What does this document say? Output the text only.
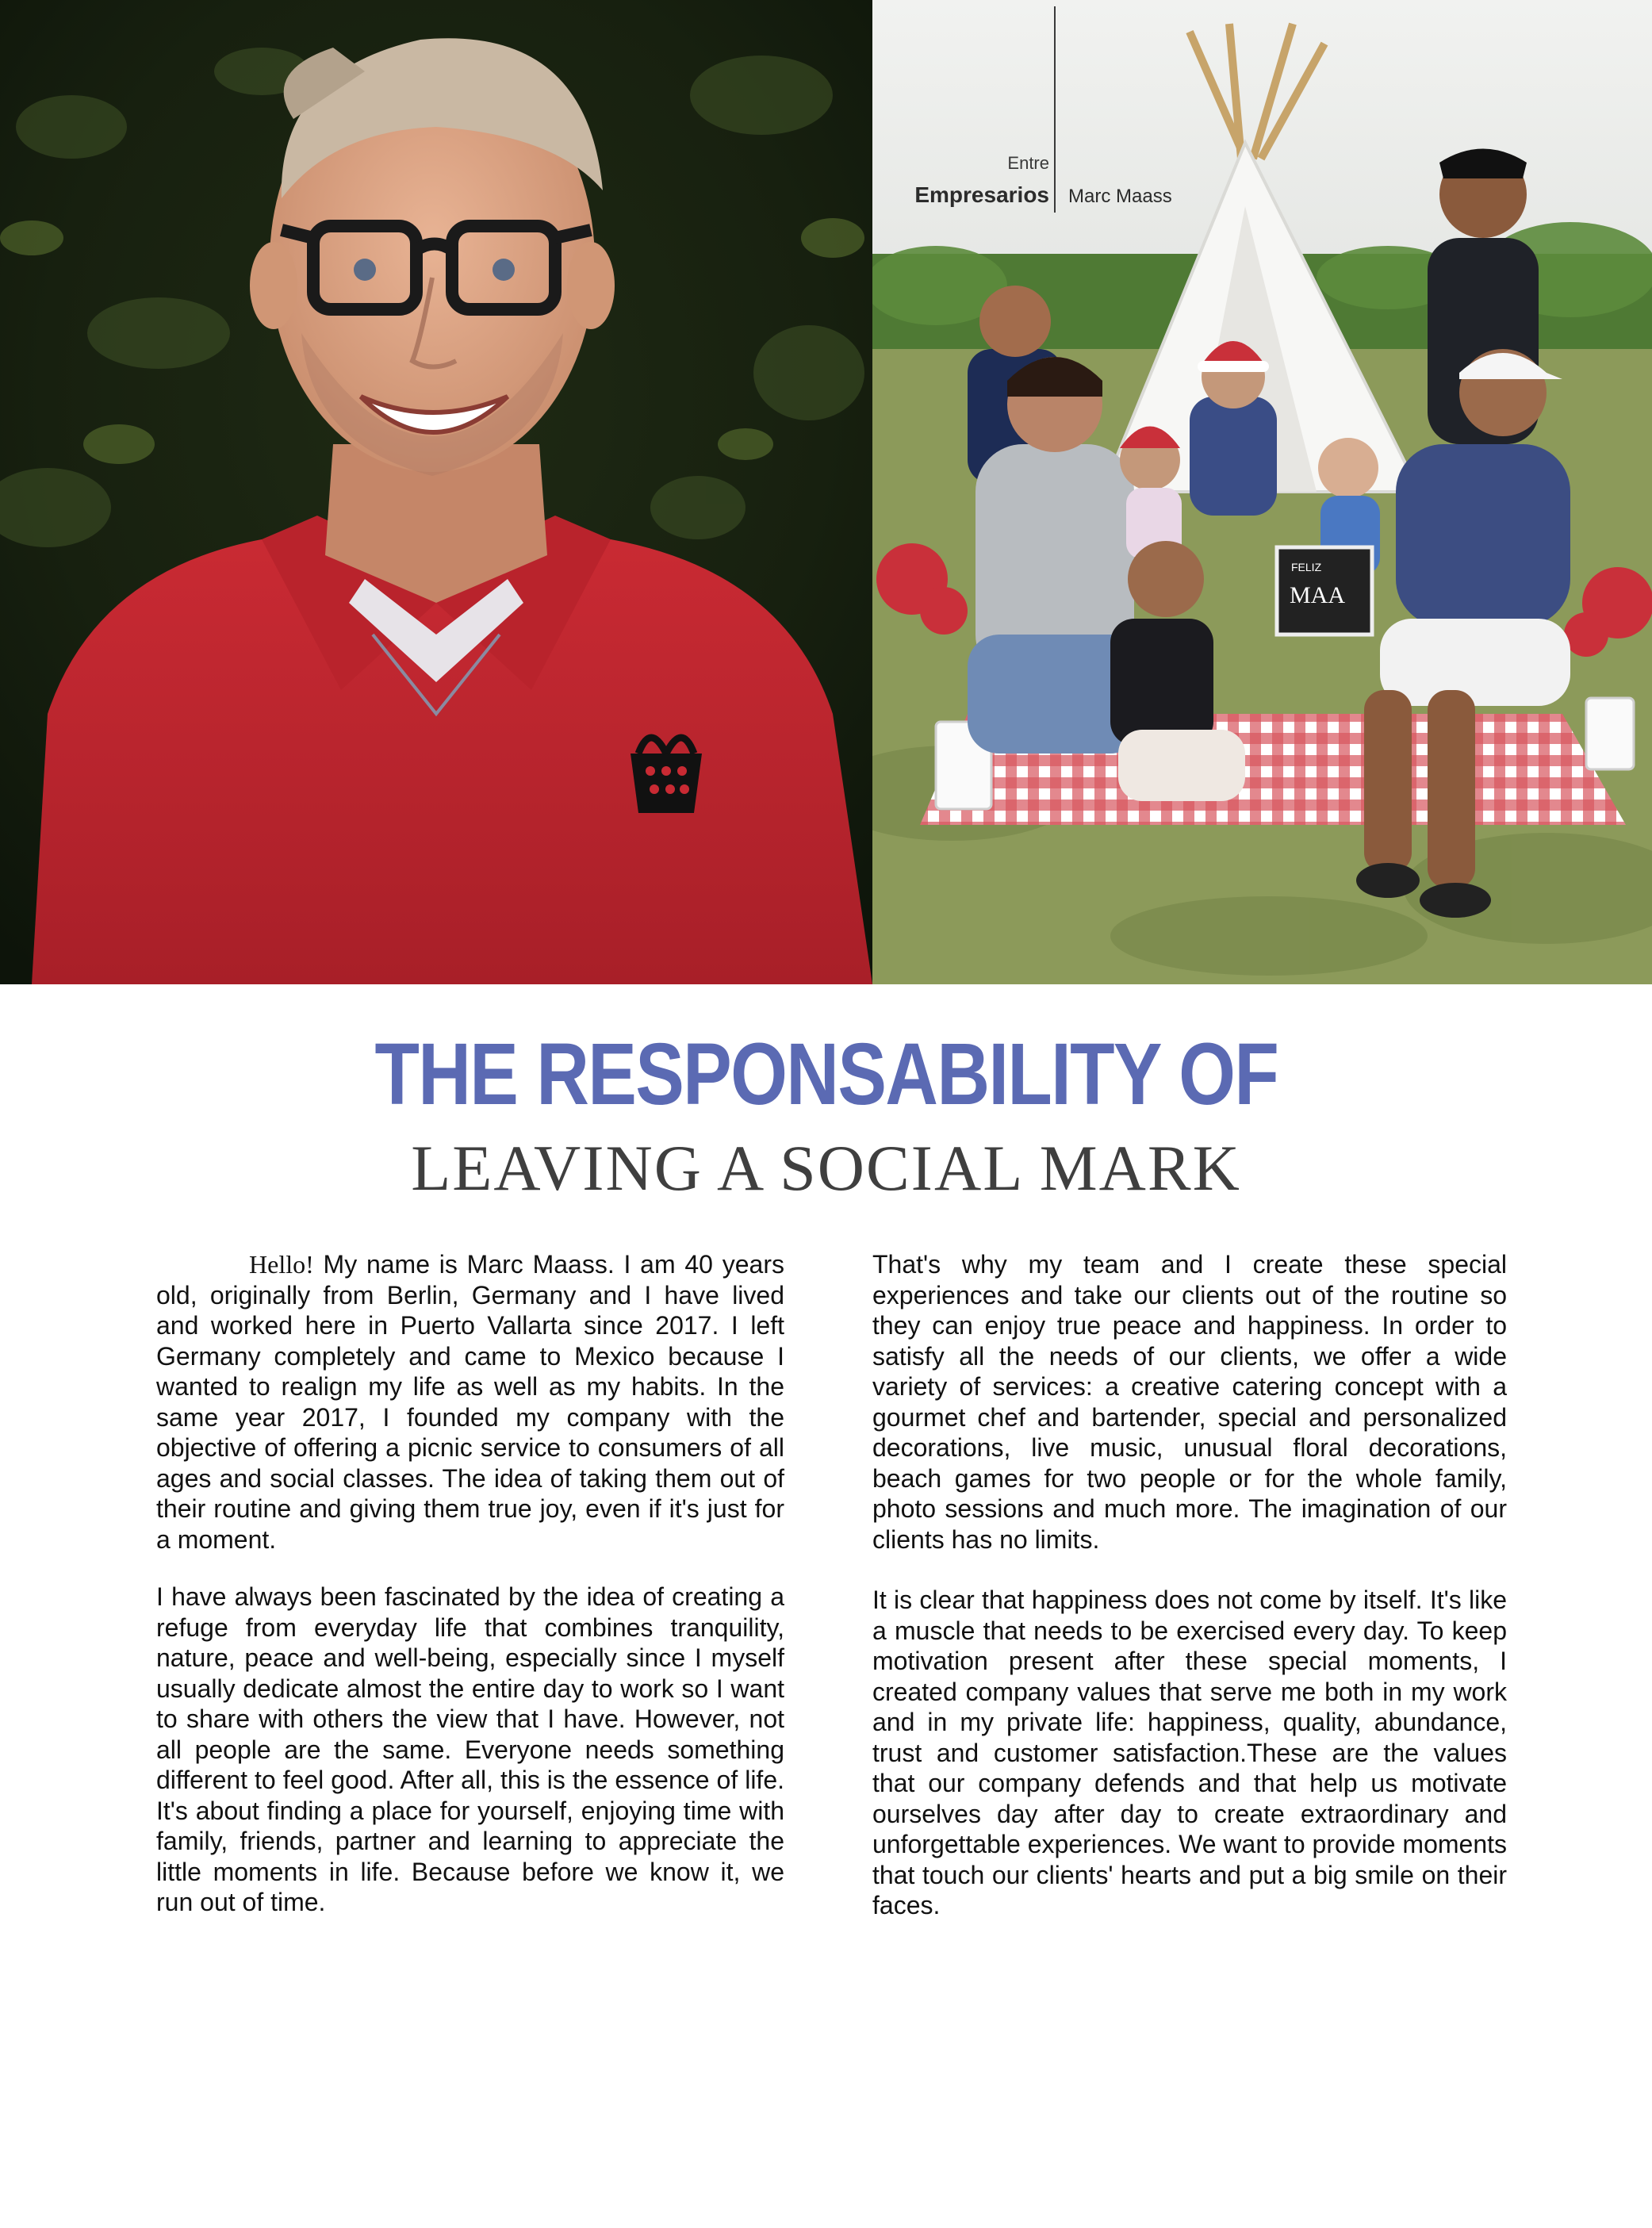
FELIZ
MAA
Entre
Empresarios Marc Maass
THE RESPONSABILITY OF
LEAVING A SOCIAL MARK

Hello! My name is Marc Maass. I am 40 years old, originally from Berlin, Germany and I have lived and worked here in Puerto Vallarta since 2017. I left Germany completely and came to Mexico because I wanted to realign my life as well as my habits. In the same year 2017, I founded my company with the objective of offering a picnic service to consumers of all ages and social classes. The idea of taking them out of their routine and giving them true joy, even if it's just for a moment.

I have always been fascinated by the idea of creating a refuge from everyday life that combines tranquility, nature, peace and well-being, especially since I myself usually dedicate almost the entire day to work so I want to share with others the view that I have. However, not all people are the same. Everyone needs something different to feel good. After all, this is the essence of life. It's about finding a place for yourself, enjoying time with family, friends, partner and learning to appreciate the little moments in life. Because before we know it, we run out of time.

That's why my team and I create these special experiences and take our clients out of the routine so they can enjoy true peace and happiness. In order to satisfy all the needs of our clients, we offer a wide variety of services: a creative catering concept with a gourmet chef and bartender, special and personalized decorations, live music, unusual floral decorations, beach games for two people or for the whole family, photo sessions and much more. The imagination of our clients has no limits.

It is clear that happiness does not come by itself. It's like a muscle that needs to be exercised every day. To keep motivation present after these special moments, I created company values that serve me both in my work and in my private life: happiness, quality, abundance, trust and customer satisfaction.These are the values that our company defends and that help us motivate ourselves day after day to create extraordinary and unforgettable experiences. We want to provide moments that touch our clients' hearts and put a big smile on their faces.
